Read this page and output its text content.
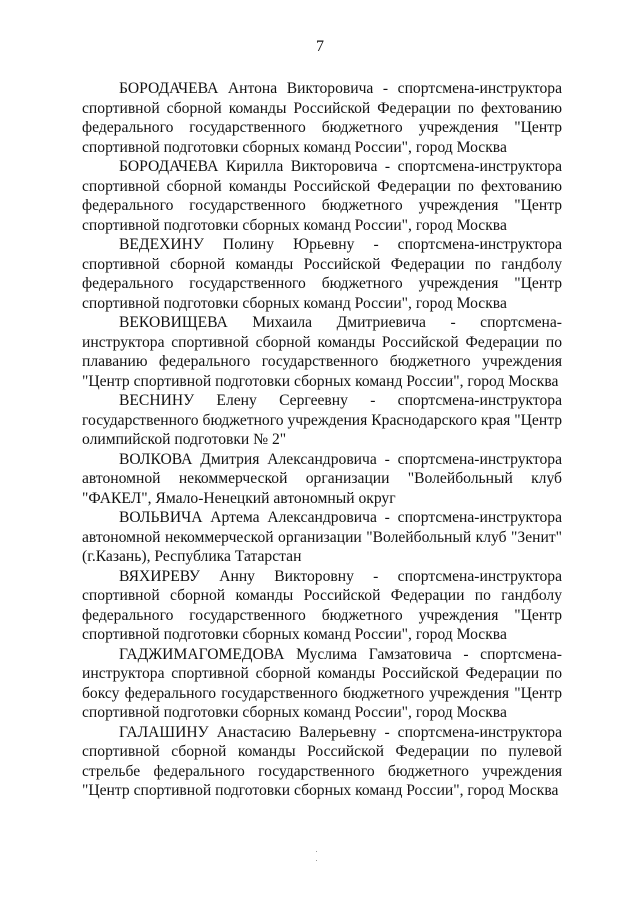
7

БОРОДАЧЕВА Антона Викторовича - спортсмена-инструктора спортивной сборной команды Российской Федерации по фехтованию федерального государственного бюджетного учреждения "Центр спортивной подготовки сборных команд России", город Москва

БОРОДАЧЕВА Кирилла Викторовича - спортсмена-инструктора спортивной сборной команды Российской Федерации по фехтованию федерального государственного бюджетного учреждения "Центр спортивной подготовки сборных команд России", город Москва

ВЕДЕХИНУ Полину Юрьевну - спортсмена-инструктора спортивной сборной команды Российской Федерации по гандболу федерального государственного бюджетного учреждения "Центр спортивной подготовки сборных команд России", город Москва

ВЕКОВИЩЕВА Михаила Дмитриевича - спортсмена-инструктора спортивной сборной команды Российской Федерации по плаванию федерального государственного бюджетного учреждения "Центр спортивной подготовки сборных команд России", город Москва

ВЕСНИНУ Елену Сергеевну - спортсмена-инструктора государственного бюджетного учреждения Краснодарского края "Центр олимпийской подготовки № 2"

ВОЛКОВА Дмитрия Александровича - спортсмена-инструктора автономной некоммерческой организации "Волейбольный клуб "ФАКЕЛ", Ямало-Ненецкий автономный округ

ВОЛЬВИЧА Артема Александровича - спортсмена-инструктора автономной некоммерческой организации "Волейбольный клуб "Зенит" (г.Казань), Республика Татарстан

ВЯХИРЕВУ Анну Викторовну - спортсмена-инструктора спортивной сборной команды Российской Федерации по гандболу федерального государственного бюджетного учреждения "Центр спортивной подготовки сборных команд России", город Москва

ГАДЖИМАГОМЕДОВА Муслима Гамзатовича - спортсмена-инструктора спортивной сборной команды Российской Федерации по боксу федерального государственного бюджетного учреждения "Центр спортивной подготовки сборных команд России", город Москва

ГАЛАШИНУ Анастасию Валерьевну - спортсмена-инструктора спортивной сборной команды Российской Федерации по пулевой стрельбе федерального государственного бюджетного учреждения "Центр спортивной подготовки сборных команд России", город Москва
